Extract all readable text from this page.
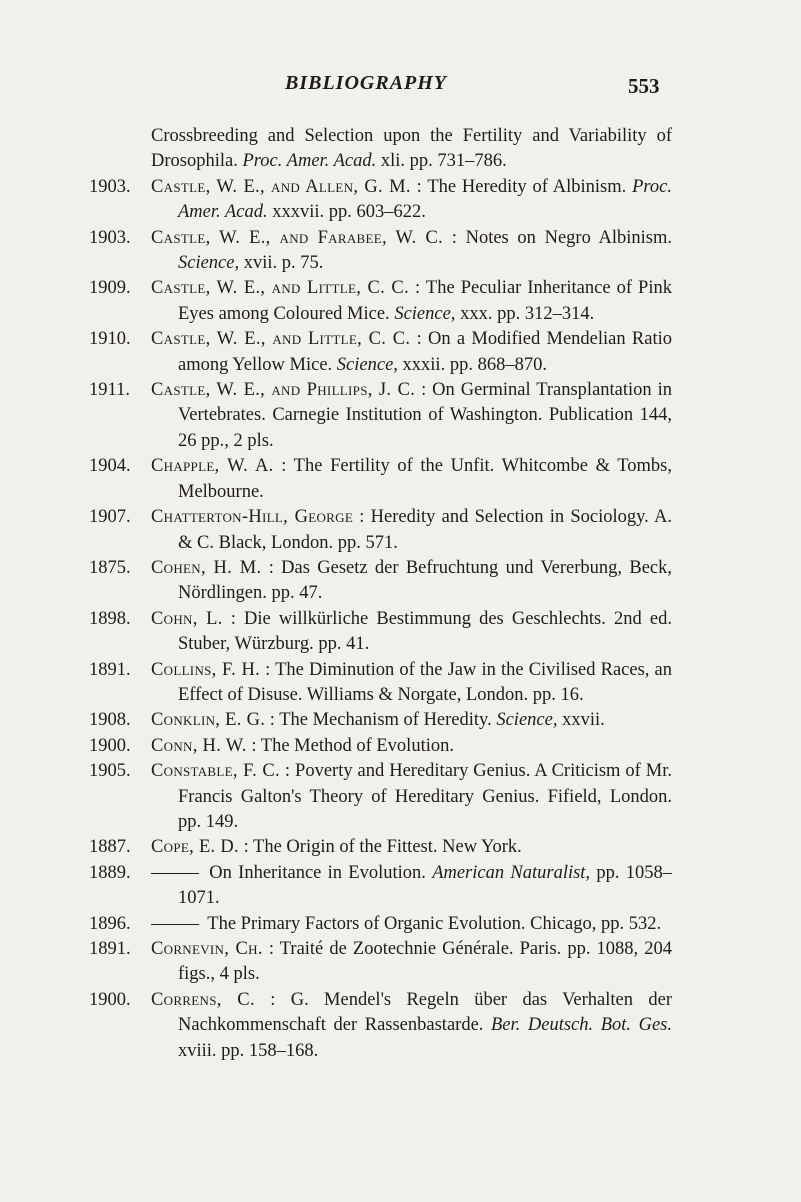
BIBLIOGRAPHY	553
Crossbreeding and Selection upon the Fertility and Variability of Drosophila. Proc. Amer. Acad. xli. pp. 731–786.
1903. Castle, W. E., and Allen, G. M. : The Heredity of Albinism. Proc. Amer. Acad. xxxvii. pp. 603–622.
1903. Castle, W. E., and Farabee, W. C. : Notes on Negro Albinism. Science, xvii. p. 75.
1909. Castle, W. E., and Little, C. C. : The Peculiar Inheritance of Pink Eyes among Coloured Mice. Science, xxx. pp. 312–314.
1910. Castle, W. E., and Little, C. C. : On a Modified Mendelian Ratio among Yellow Mice. Science, xxxii. pp. 868–870.
1911. Castle, W. E., and Phillips, J. C. : On Germinal Transplantation in Vertebrates. Carnegie Institution of Washington. Publication 144, 26 pp., 2 pls.
1904. Chapple, W. A. : The Fertility of the Unfit. Whitcombe & Tombs, Melbourne.
1907. Chatterton-Hill, George : Heredity and Selection in Sociology. A. & C. Black, London. pp. 571.
1875. Cohen, H. M. : Das Gesetz der Befruchtung und Vererbung, Beck, Nördlingen. pp. 47.
1898. Cohn, L. : Die willkürliche Bestimmung des Geschlechts. 2nd ed. Stuber, Würzburg. pp. 41.
1891. Collins, F. H. : The Diminution of the Jaw in the Civilised Races, an Effect of Disuse. Williams & Norgate, London. pp. 16.
1908. Conklin, E. G. : The Mechanism of Heredity. Science, xxvii.
1900. Conn, H. W. : The Method of Evolution.
1905. Constable, F. C. : Poverty and Hereditary Genius. A Criticism of Mr. Francis Galton's Theory of Hereditary Genius. Fifield, London. pp. 149.
1887. Cope, E. D. : The Origin of the Fittest. New York.
1889.	On Inheritance in Evolution. American Naturalist, pp. 1058–1071.
1896.	The Primary Factors of Organic Evolution. Chicago, pp. 532.
1891. Cornevin, Ch. : Traité de Zootechnie Générale. Paris. pp. 1088, 204 figs., 4 pls.
1900. Correns, C. : G. Mendel's Regeln über das Verhalten der Nachkommenschaft der Rassenbastarde. Ber. Deutsch. Bot. Ges. xviii. pp. 158–168.
